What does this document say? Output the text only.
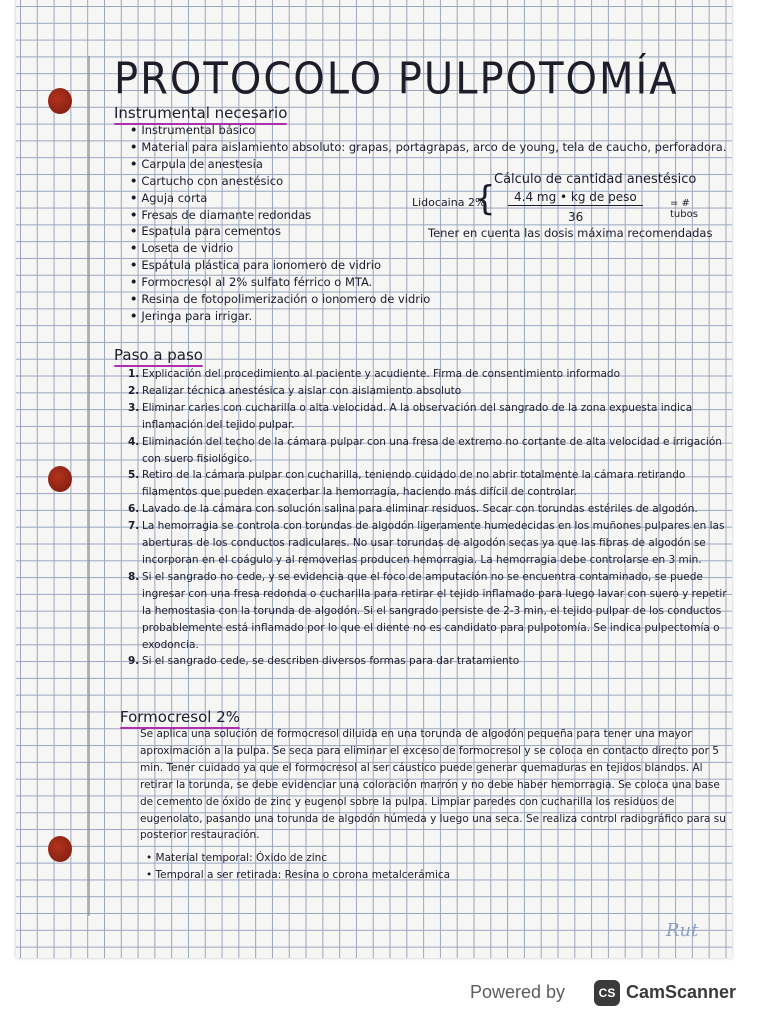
PROTOCOLO PULPOTOMÍA
Instrumental necesario
• Instrumental básico
• Material para aislamiento absoluto: grapas, portagrapas, arco de young, tela de caucho, perforadora.
• Carpula de anestesia
• Cartucho con anestésico
• Aguja corta
• Fresas de diamante redondas
• Espatula para cementos
• Loseta de vidrio
• Espátula plástica para ionomero de vidrio
• Formocresol al 2% sulfato férrico o MTA.
• Resina de fotopolimerización o ionomero de vidrio
• Jeringa para irrigar.
Cálculo de cantidad anestésico
Lidocaina 2%
{	4.4 mg • kg de peso
36
= # tubos
Tener en cuenta las dosis máxima recomendadas
Paso a paso
1. Explicación del procedimiento al paciente y acudiente. Firma de consentimiento informado
2. Realizar técnica anestésica y aislar con aislamiento absoluto
3. Eliminar caries con cucharilla o alta velocidad. A la observación del sangrado de la zona expuesta indica inflamación del tejido pulpar.
4. Eliminación del techo de la cámara pulpar con una fresa de extremo no cortante de alta velocidad e irrigación con suero fisiológico.
5. Retiro de la cámara pulpar con cucharilla, teniendo cuidado de no abrir totalmente la cámara retirando filamentos que pueden exacerbar la hemorragia, haciendo más difícil de controlar.
6. Lavado de la cámara con solución salina para eliminar residuos. Secar con torundas estériles de algodón.
7. La hemorragia se controla con torundas de algodón ligeramente humedecidas en los muñones pulpares en las aberturas de los conductos radiculares. No usar torundas de algodón secas ya que las fibras de algodón se incorporan en el coágulo y al removerlas producen hemorragia. La hemorragia debe controlarse en 3 min.
8. Si el sangrado no cede, y se evidencia que el foco de amputación no se encuentra contaminado, se puede ingresar con una fresa redonda o cucharilla para retirar el tejido inflamado para luego lavar con suero y repetir la hemostasia con la torunda de algodón. Si el sangrado persiste de 2-3 min, el tejido pulpar de los conductos probablemente está inflamado por lo que el diente no es candidato para pulpotomía. Se indica pulpectomía o exodoncia.
9. Si el sangrado cede, se describen diversos formas para dar tratamiento
Formocresol 2%

Se aplica una solución de formocresol diluida en una torunda de algodón pequeña para tener una mayor aproximación a la pulpa. Se seca para eliminar el exceso de formocresol y se coloca en contacto directo por 5 min. Tener cuidado ya que el formocresol al ser cáustico puede generar quemaduras en tejidos blandos. Al retirar la torunda, se debe evidenciar una coloración marrón y no debe haber hemorragia. Se coloca una base de cemento de óxido de zinc y eugenol sobre la pulpa. Limpiar paredes con cucharilla los residuos de eugenolato, pasando una torunda de algodón húmeda y luego una seca. Se realiza control radiográfico para su posterior restauración.

• Material temporal: Óxido de zinc
• Temporal a ser retirada: Resina o corona metalcerámica
Rut
Powered by	CS CamScanner
